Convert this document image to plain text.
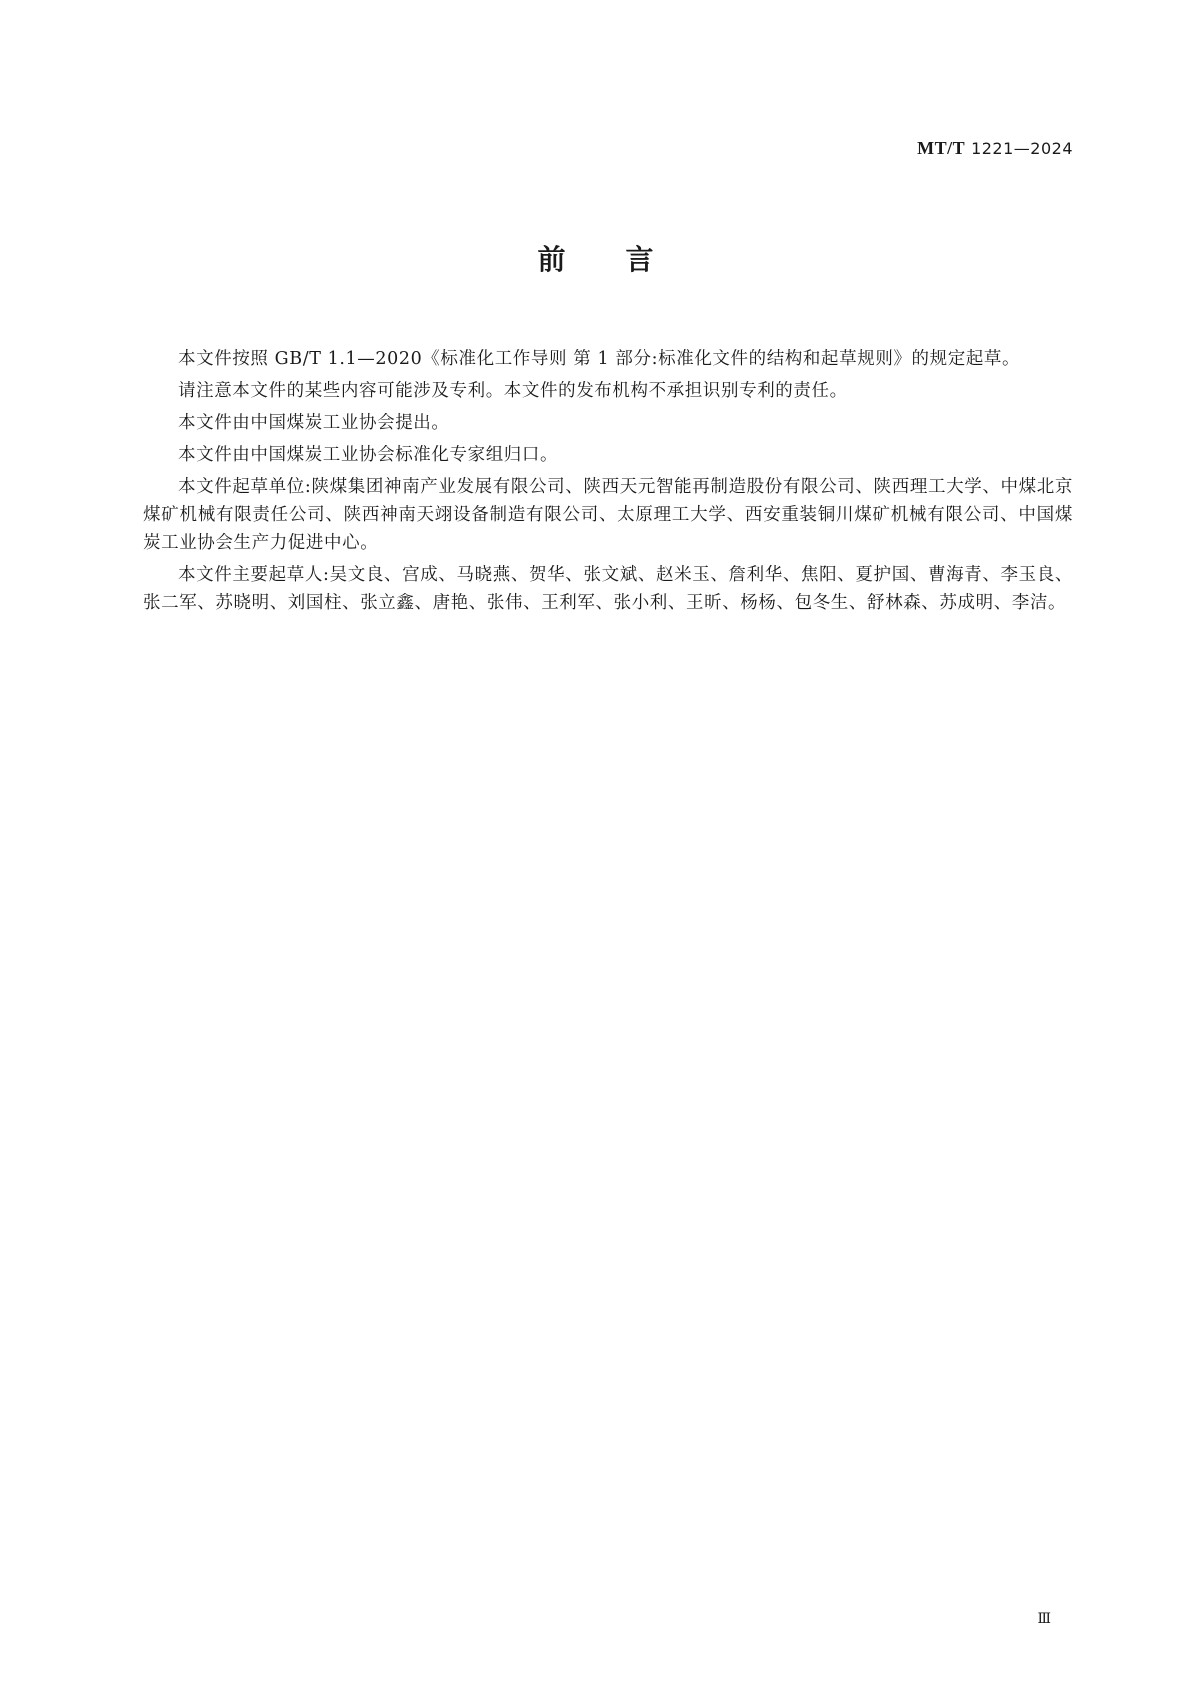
MT/T 1221—2024
前言

本文件按照 GB/T 1.1—2020《标准化工作导则 第 1 部分:标准化文件的结构和起草规则》的规定起草。

请注意本文件的某些内容可能涉及专利。本文件的发布机构不承担识别专利的责任。

本文件由中国煤炭工业协会提出。

本文件由中国煤炭工业协会标准化专家组归口。

本文件起草单位:陕煤集团神南产业发展有限公司、陕西天元智能再制造股份有限公司、陕西理工大学、中煤北京煤矿机械有限责任公司、陕西神南天翊设备制造有限公司、太原理工大学、西安重装铜川煤矿机械有限公司、中国煤炭工业协会生产力促进中心。

本文件主要起草人:吴文良、宫成、马晓燕、贺华、张文斌、赵米玉、詹利华、焦阳、夏护国、曹海青、李玉良、张二军、苏晓明、刘国柱、张立鑫、唐艳、张伟、王利军、张小利、王昕、杨杨、包冬生、舒林森、苏成明、李洁。

Ⅲ
